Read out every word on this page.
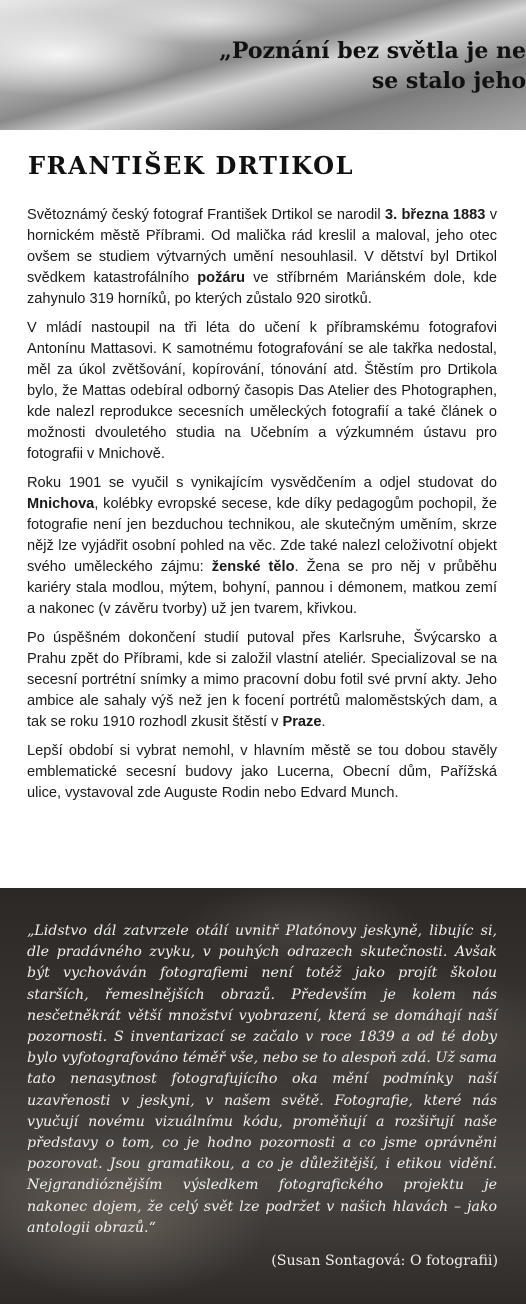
„Poznání bez světla je ne
se stalo jeho
FRANTIŠEK DRTIKOL

Světoznámý český fotograf František Drtikol se narodil 3. března 1883 v hornickém městě Příbrami. Od malička rád kreslil a maloval, jeho otec ovšem se studiem výtvarných umění nesouhlasil. V dětství byl Drtikol svědkem katastrofálního požáru ve stříbrném Mariánském dole, kde zahynulo 319 horníků, po kterých zůstalo 920 sirotků.

V mládí nastoupil na tři léta do učení k příbramskému fotografovi Antonínu Mattasovi. K samotnému fotografování se ale takřka nedostal, měl za úkol zvětšování, kopírování, tónování atd. Štěstím pro Drtikola bylo, že Mattas odebíral odborný časopis Das Atelier des Photographen, kde nalezl reprodukce secesních uměleckých fotografií a také článek o možnosti dvouletého studia na Učebním a výzkumném ústavu pro fotografii v Mnichově.

Roku 1901 se vyučil s vynikajícím vysvědčením a odjel studovat do Mnichova, kolébky evropské secese, kde díky pedagogům pochopil, že fotografie není jen bezduchou technikou, ale skutečným uměním, skrze nějž lze vyjádřit osobní pohled na věc. Zde také nalezl celoživotní objekt svého uměleckého zájmu: ženské tělo. Žena se pro něj v průběhu kariéry stala modlou, mýtem, bohyní, pannou i démonem, matkou zemí a nakonec (v závěru tvorby) už jen tvarem, křivkou.

Po úspěšném dokončení studií putoval přes Karlsruhe, Švýcarsko a Prahu zpět do Příbrami, kde si založil vlastní ateliér. Specializoval se na secesní portrétní snímky a mimo pracovní dobu fotil své první akty. Jeho ambice ale sahaly výš než jen k focení portrétů maloměstských dam, a tak se roku 1910 rozhodl zkusit štěstí v Praze.

Lepší období si vybrat nemohl, v hlavním městě se tou dobou stavěly emblematické secesní budovy jako Lucerna, Obecní dům, Pařížská ulice, vystavoval zde Auguste Rodin nebo Edvard Munch.

„Lidstvo dál zatvrzele otálí uvnitř Platónovy jeskyně, libujíc si, dle pradávného zvyku, v pouhých odrazech skutečnosti. Avšak být vychováván fotografiemi není totéž jako projít školou starších, řemeslnějších obrazů. Především je kolem nás nesčetněkrát větší množství vyobrazení, která se domáhají naší pozornosti. S inventarizací se začalo v roce 1839 a od té doby bylo vyfotografováno téměř vše, nebo se to alespoň zdá. Už sama tato nenasytnost fotografujícího oka mění podmínky naší uzavřenosti v jeskyni, v našem světě. Fotografie, které nás vyučují novému vizuálnímu kódu, proměňují a rozšiřují naše představy o tom, co je hodno pozornosti a co jsme oprávněni pozorovat. Jsou gramatikou, a co je důležitější, i etikou vidění. Nejgrandióznějším výsledkem fotografického projektu je nakonec dojem, že celý svět lze podržet v našich hlavách – jako antologii obrazů.“

(Susan Sontagová: O fotografii)
